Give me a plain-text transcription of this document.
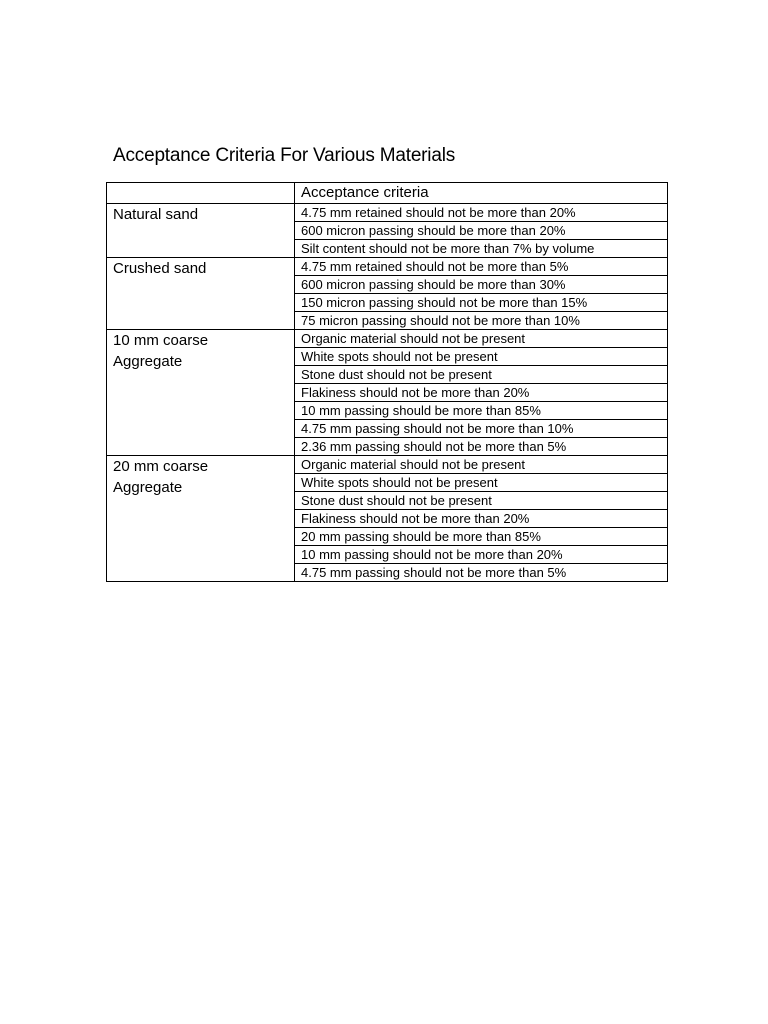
Acceptance Criteria For Various Materials
	Acceptance criteria
Natural sand	4.75 mm retained should not be more than 20%
	600 micron passing should be more than 20%
	Silt content should not be more than 7% by volume
Crushed sand	4.75 mm retained should not be more than 5%
	600 micron passing should be more than 30%
	150 micron passing should not be more than 15%
	75 micron passing should not be more than 10%
10 mm coarse Aggregate	Organic material should not be present
	White spots should not be present
	Stone dust should not be present
	Flakiness should not be more than 20%
	10 mm passing should be more than 85%
	4.75 mm passing should not be more than 10%
	2.36 mm passing should not be more than 5%
20 mm coarse Aggregate	Organic material should not be present
	White spots should not be present
	Stone dust should not be present
	Flakiness should not be more than 20%
	20 mm passing should be more than 85%
	10 mm passing should not be more than 20%
	4.75 mm passing should not be more than 5%
